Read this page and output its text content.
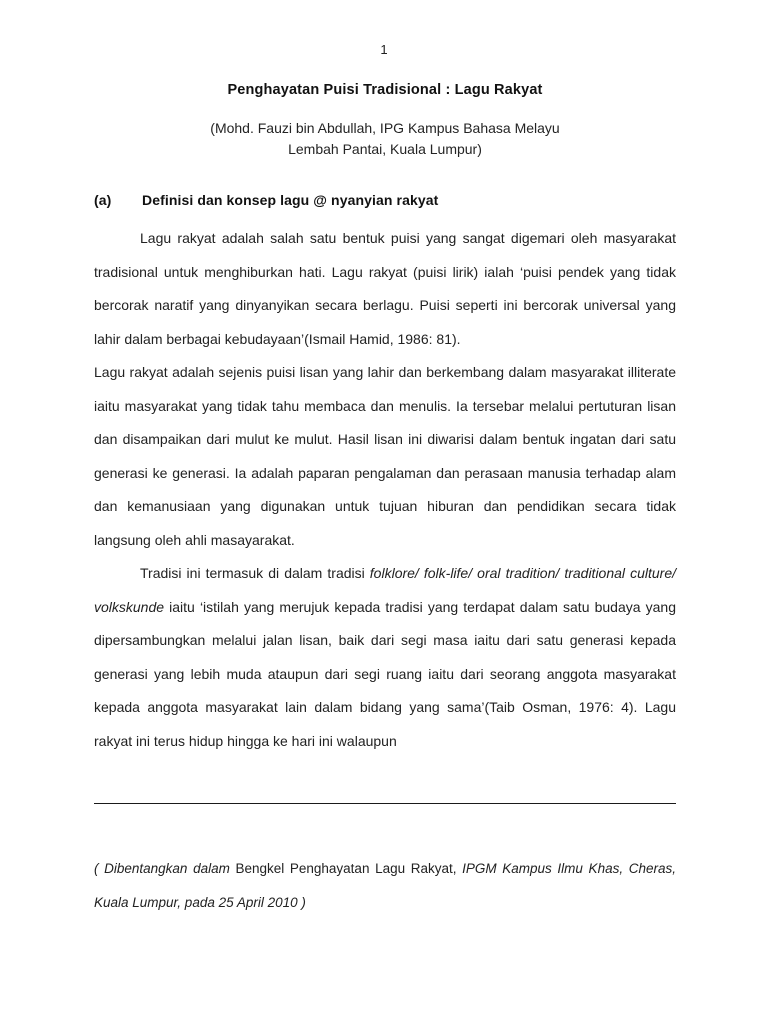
1
Penghayatan Puisi Tradisional : Lagu Rakyat
(Mohd. Fauzi bin Abdullah, IPG Kampus Bahasa Melayu
Lembah Pantai, Kuala Lumpur)
(a)	Definisi dan konsep lagu @ nyanyian rakyat

Lagu rakyat adalah salah satu bentuk puisi yang sangat digemari oleh masyarakat tradisional untuk menghiburkan hati. Lagu rakyat (puisi lirik) ialah ‘puisi pendek yang tidak bercorak naratif yang dinyanyikan secara berlagu. Puisi seperti ini bercorak universal yang lahir dalam berbagai kebudayaan’(Ismail Hamid, 1986: 81).

Lagu rakyat adalah sejenis puisi lisan yang lahir dan berkembang dalam masyarakat illiterate iaitu masyarakat yang tidak tahu membaca dan menulis. Ia tersebar melalui pertuturan lisan dan disampaikan dari mulut ke mulut. Hasil lisan ini diwarisi dalam bentuk ingatan dari satu generasi ke generasi. Ia adalah paparan pengalaman dan perasaan manusia terhadap alam dan kemanusiaan yang digunakan untuk tujuan hiburan dan pendidikan secara tidak langsung oleh ahli masayarakat.

Tradisi ini termasuk di dalam tradisi folklore/ folk-life/ oral tradition/ traditional culture/ volkskunde iaitu ‘istilah yang merujuk kepada tradisi yang terdapat dalam satu budaya yang dipersambungkan melalui jalan lisan, baik dari segi masa iaitu dari satu generasi kepada generasi yang lebih muda ataupun dari segi ruang iaitu dari seorang anggota masyarakat kepada anggota masyarakat lain dalam bidang yang sama’(Taib Osman, 1976: 4). Lagu rakyat ini terus hidup hingga ke hari ini walaupun

( Dibentangkan dalam Bengkel Penghayatan Lagu Rakyat, IPGM Kampus Ilmu Khas, Cheras, Kuala Lumpur, pada 25 April 2010 )
